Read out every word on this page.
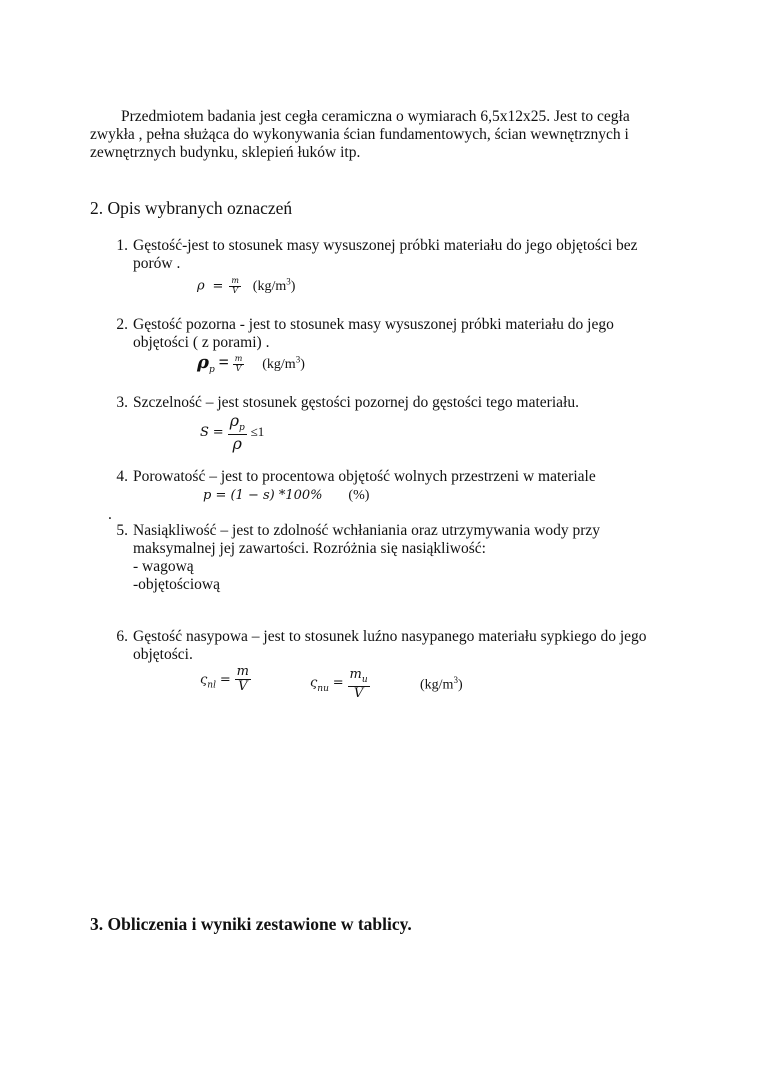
Przedmiotem badania jest cegła ceramiczna o wymiarach 6,5x12x25. Jest to cegła zwykła , pełna służąca do wykonywania ścian fundamentowych, ścian wewnętrznych i zewnętrznych budynku, sklepień łuków itp.
2. Opis wybranych oznaczeń
1. Gęstość-jest to stosunek masy wysuszonej próbki materiału do jego objętości bez porów .
$\rho = \frac{m}{V} (kg/m^3)$
2. Gęstość pozorna - jest to stosunek masy wysuszonej próbki materiału do jego objętości ( z porami) .
$\rho_p = \frac{m}{V} (kg/m^3)$
3. Szczelność – jest stosunek gęstości pozornej do gęstości tego materiału.
$S = \frac{\rho_p}{\rho} \le 1$
4. Porowatość – jest to procentowa objętość wolnych przestrzeni w materiale
p = (1 − s) *100% (%)
.
5. Nasiąkliwość – jest to zdolność wchłaniania oraz utrzymywania wody przy maksymalnej jej zawartości. Rozróżnia się nasiąkliwość:
- wagową
-objętościową
6. Gęstość nasypowa – jest to stosunek luźno nasypanego materiału sypkiego do jego objętości.
$\varsigma_{nl} = \frac{m}{V}$	$\varsigma_{nu} = \frac{m_u}{V}$	$(kg/m^3)$
3. Obliczenia i wyniki zestawione w tablicy.
